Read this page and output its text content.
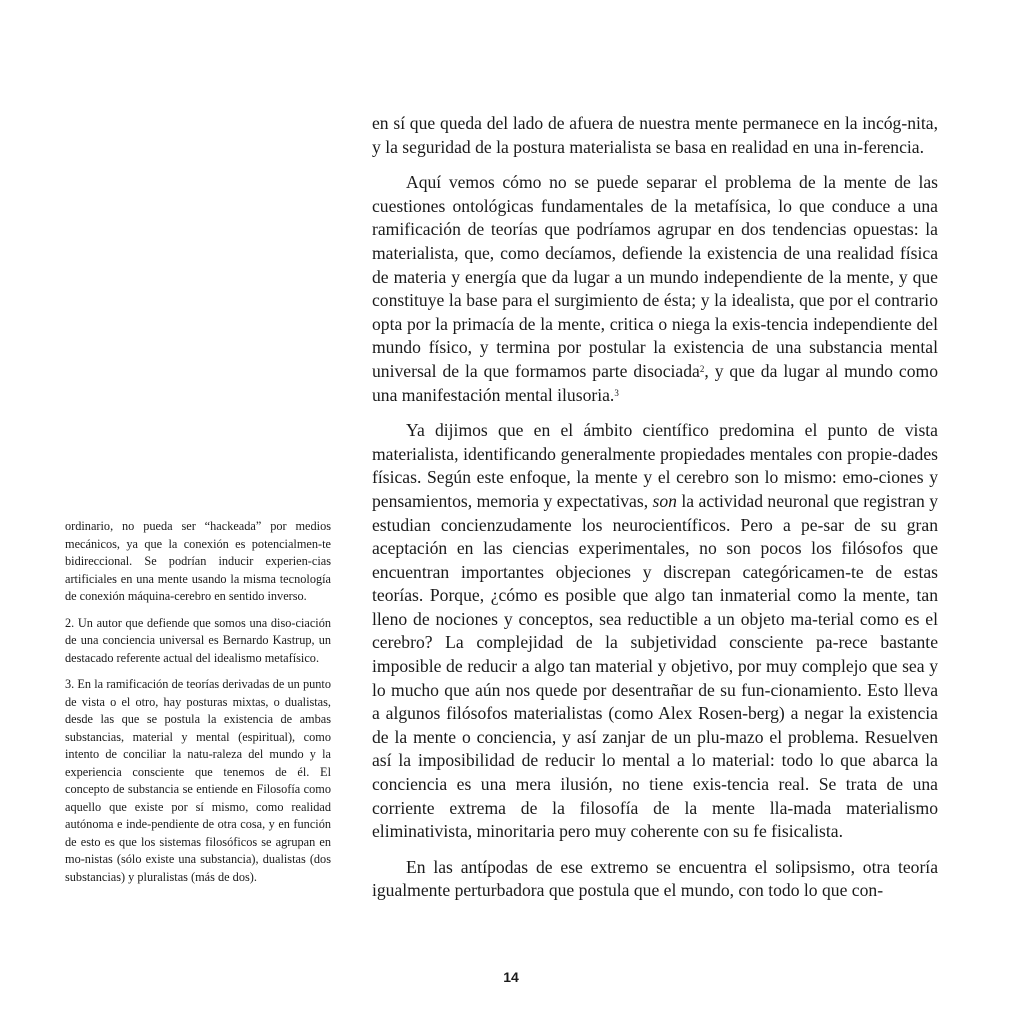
en sí que queda del lado de afuera de nuestra mente permanece en la incóg-nita, y la seguridad de la postura materialista se basa en realidad en una in-ferencia.

Aquí vemos cómo no se puede separar el problema de la mente de las cuestiones ontológicas fundamentales de la metafísica, lo que conduce a una ramificación de teorías que podríamos agrupar en dos tendencias opuestas: la materialista, que, como decíamos, defiende la existencia de una realidad física de materia y energía que da lugar a un mundo independiente de la mente, y que constituye la base para el surgimiento de ésta; y la idealista, que por el contrario opta por la primacía de la mente, critica o niega la exis-tencia independiente del mundo físico, y termina por postular la existencia de una substancia mental universal de la que formamos parte disociada$^2$, y que da lugar al mundo como una manifestación mental ilusoria.$^3$

Ya dijimos que en el ámbito científico predomina el punto de vista materialista, identificando generalmente propiedades mentales con propie-dades físicas. Según este enfoque, la mente y el cerebro son lo mismo: emo-ciones y pensamientos, memoria y expectativas, son la actividad neuronal que registran y estudian concienzudamente los neurocientíficos. Pero a pe-sar de su gran aceptación en las ciencias experimentales, no son pocos los filósofos que encuentran importantes objeciones y discrepan categóricamen-te de estas teorías. Porque, ¿cómo es posible que algo tan inmaterial como la mente, tan lleno de nociones y conceptos, sea reductible a un objeto ma-terial como es el cerebro? La complejidad de la subjetividad consciente pa-rece bastante imposible de reducir a algo tan material y objetivo, por muy complejo que sea y lo mucho que aún nos quede por desentrañar de su fun-cionamiento. Esto lleva a algunos filósofos materialistas (como Alex Rosen-berg) a negar la existencia de la mente o conciencia, y así zanjar de un plu-mazo el problema. Resuelven así la imposibilidad de reducir lo mental a lo material: todo lo que abarca la conciencia es una mera ilusión, no tiene exis-tencia real. Se trata de una corriente extrema de la filosofía de la mente lla-mada materialismo eliminativista, minoritaria pero muy coherente con su fe fisicalista.

En las antípodas de ese extremo se encuentra el solipsismo, otra teoría igualmente perturbadora que postula que el mundo, con todo lo que con-

ordinario, no pueda ser “hackeada” por medios mecánicos, ya que la conexión es potencialmen-te bidireccional. Se podrían inducir experien-cias artificiales en una mente usando la misma tecnología de conexión máquina-cerebro en sentido inverso.

2. Un autor que defiende que somos una diso-ciación de una conciencia universal es Bernardo Kastrup, un destacado referente actual del idealismo metafísico.

3. En la ramificación de teorías derivadas de un punto de vista o el otro, hay posturas mixtas, o dualistas, desde las que se postula la existencia de ambas substancias, material y mental (espiritual), como intento de conciliar la natu-raleza del mundo y la experiencia consciente que tenemos de él. El concepto de substancia se entiende en Filosofía como aquello que existe por sí mismo, como realidad autónoma e inde-pendiente de otra cosa, y en función de esto es que los sistemas filosóficos se agrupan en mo-nistas (sólo existe una substancia), dualistas (dos substancias) y pluralistas (más de dos).

14
